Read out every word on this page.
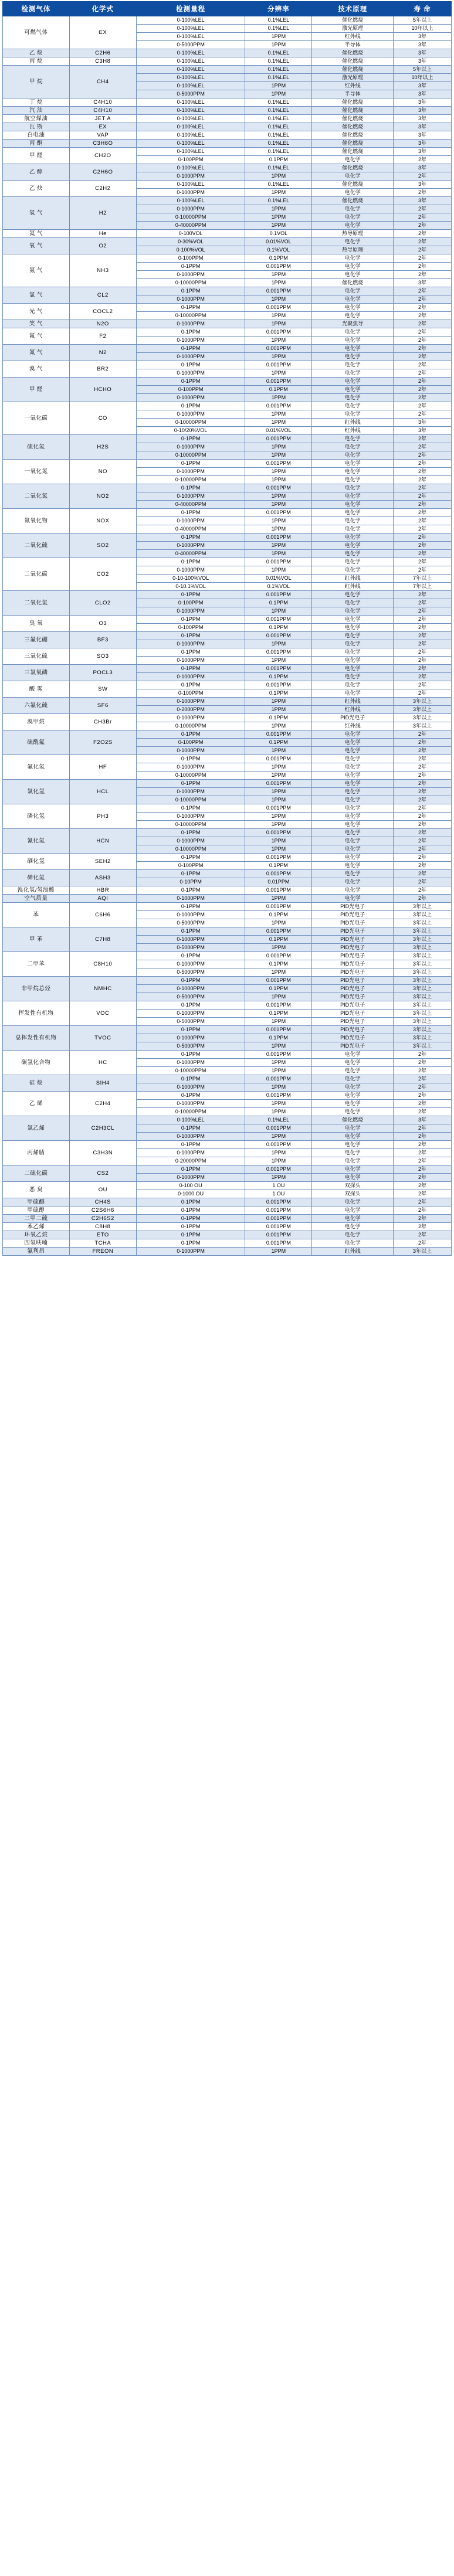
检测气体	化学式	检测量程	分辨率	技术原理	寿 命
可燃气体	EX	0-100%LEL	0.1%LEL	催化燃烧	5年以上
		0-100%LEL	0.1%LEL	激光原理	10年以上
		0-100%LEL	1PPM	红外线	3年
		0-5000PPM	1PPM	半导体	3年
乙 烷	C2H6	0-100%LEL	0.1%LEL	催化燃烧	3年
丙 烷	C3H8	0-100%LEL	0.1%LEL	催化燃烧	3年
甲 烷	CH4	0-100%LEL	0.1%LEL	催化燃烧	5年以上
		0-100%LEL	0.1%LEL	激光原理	10年以上
		0-100%LEL	1PPM	红外线	3年
		0-5000PPM	1PPM	半导体	3年
丁 烷	C4H10	0-100%LEL	0.1%LEL	催化燃烧	3年
汽 油	C4H10	0-100%LEL	0.1%LEL	催化燃烧	3年
航空煤油	JET A	0-100%LEL	0.1%LEL	催化燃烧	3年
瓦 斯	EX	0-100%LEL	0.1%LEL	催化燃烧	3年
白电油	VAP	0-100%LEL	0.1%LEL	催化燃烧	3年
丙 酮	C3H6O	0-100%LEL	0.1%LEL	催化燃烧	3年
甲 醛	CH2O	0-100%LEL	0.1%LEL	催化燃烧	3年
		0-100PPM	0.1PPM	电化学	2年
乙 醇	C2H6O	0-100%LEL	0.1%LEL	催化燃烧	3年
		0-1000PPM	1PPM	电化学	2年
乙 炔	C2H2	0-100%LEL	0.1%LEL	催化燃烧	3年
		0-1000PPM	1PPM	电化学	2年
氢 气	H2	0-100%LEL	0.1%LEL	催化燃烧	3年
		0-1000PPM	1PPM	电化学	2年
		0-10000PPM	1PPM	电化学	2年
		0-40000PPM	1PPM	电化学	2年
氦 气	He	0-100VOL	0.1VOL	热导原理	2年
氧 气	O2	0-30%VOL	0.01%VOL	电化学	2年
		0-100%VOL	0.1%VOL	热导原理	2年
氨 气	NH3	0-100PPM	0.1PPM	电化学	2年
		0-1PPM	0.001PPM	电化学	2年
		0-1000PPM	1PPM	电化学	2年
		0-10000PPM	1PPM	催化燃烧	3年
氯 气	CL2	0-1PPM	0.001PPM	电化学	2年
		0-1000PPM	1PPM	电化学	2年
光 气	COCL2	0-1PPM	0.001PPM	电化学	2年
		0-10000PPM	1PPM	电化学	2年
笑 气	N2O	0-1000PPM	1PPM	光聚焦导	2年
氟 气	F2	0-1PPM	0.001PPM	电化学	2年
		0-1000PPM	1PPM	电化学	2年
氮 气	N2	0-1PPM	0.001PPM	电化学	2年
		0-1000PPM	1PPM	电化学	2年
溴 气	BR2	0-1PPM	0.001PPM	电化学	2年
		0-1000PPM	1PPM	电化学	2年
甲 醛	HCHO	0-1PPM	0.001PPM	电化学	2年
		0-100PPM	0.1PPM	电化学	2年
		0-1000PPM	1PPM	电化学	2年
一氧化碳	CO	0-1PPM	0.001PPM	电化学	2年
		0-1000PPM	1PPM	电化学	2年
		0-10000PPM	1PPM	红外线	3年
		0-10/20%VOL	0.01%VOL	红外线	3年
硫化氢	H2S	0-1PPM	0.001PPM	电化学	2年
		0-1000PPM	1PPM	电化学	2年
		0-10000PPM	1PPM	电化学	2年
一氧化氮	NO	0-1PPM	0.001PPM	电化学	2年
		0-1000PPM	1PPM	电化学	2年
		0-10000PPM	1PPM	电化学	2年
二氧化氮	NO2	0-1PPM	0.001PPM	电化学	2年
		0-1000PPM	1PPM	电化学	2年
		0-40000PPM	1PPM	电化学	2年
氮氧化物	NOX	0-1PPM	0.001PPM	电化学	2年
		0-1000PPM	1PPM	电化学	2年
		0-40000PPM	1PPM	电化学	2年
二氧化硫	SO2	0-1PPM	0.001PPM	电化学	2年
		0-1000PPM	1PPM	电化学	2年
		0-40000PPM	1PPM	电化学	2年
二氧化碳	CO2	0-1PPM	0.001PPM	电化学	2年
		0-1000PPM	1PPM	电化学	2年
		0-10-100%VOL	0.01%VOL	红外线	7年以上
		0-10.1%VOL	0.1%VOL	红外线	7年以上
二氧化氯	CLO2	0-1PPM	0.001PPM	电化学	2年
		0-100PPM	0.1PPM	电化学	2年
		0-1000PPM	1PPM	电化学	2年
臭 氧	O3	0-1PPM	0.001PPM	电化学	2年
		0-100PPM	0.1PPM	电化学	2年
三氟化硼	BF3	0-1PPM	0.001PPM	电化学	2年
		0-1000PPM	1PPM	电化学	2年
三氧化硫	SO3	0-1PPM	0.001PPM	电化学	2年
		0-1000PPM	1PPM	电化学	2年
三氯氧磷	POCL3	0-1PPM	0.001PPM	电化学	2年
		0-1000PPM	0.1PPM	电化学	2年
酸 雾	SW	0-1PPM	0.001PPM	电化学	2年
		0-100PPM	0.1PPM	电化学	2年
六氟化硫	SF6	0-1000PPM	1PPM	红外线	3年以上
		0-2000PPM	1PPM	红外线	3年以上
溴甲烷	CH3Br	0-1000PPM	0.1PPM	PID光电子	3年以上
		0-10000PPM	1PPM	红外线	3年以上
硫酰氟	F2O2S	0-1PPM	0.001PPM	电化学	2年
		0-100PPM	0.1PPM	电化学	2年
		0-1000PPM	1PPM	电化学	2年
氟化氢	HF	0-1PPM	0.001PPM	电化学	2年
		0-1000PPM	1PPM	电化学	2年
		0-10000PPM	1PPM	电化学	2年
氯化氢	HCL	0-1PPM	0.001PPM	电化学	2年
		0-1000PPM	1PPM	电化学	2年
		0-10000PPM	1PPM	电化学	2年
磷化氢	PH3	0-1PPM	0.001PPM	电化学	2年
		0-1000PPM	1PPM	电化学	2年
		0-10000PPM	1PPM	电化学	2年
氰化氢	HCN	0-1PPM	0.001PPM	电化学	2年
		0-1000PPM	1PPM	电化学	2年
		0-10000PPM	1PPM	电化学	2年
硒化氢	SEH2	0-1PPM	0.001PPM	电化学	2年
		0-100PPM	0.1PPM	电化学	2年
砷化氢	ASH3	0-1PPM	0.001PPM	电化学	2年
		0-10PPM	0.01PPM	电化学	2年
溴化氢/氢溴酸	HBR	0-1PPM	0.001PPM	电化学	2年
空气质量	AQI	0-1000PPM	1PPM	电化学	2年
苯	C6H6	0-1PPM	0.001PPM	PID光电子	3年以上
		0-1000PPM	0.1PPM	PID光电子	3年以上
		0-5000PPM	1PPM	PID光电子	3年以上
甲 苯	C7H8	0-1PPM	0.001PPM	PID光电子	3年以上
		0-1000PPM	0.1PPM	PID光电子	3年以上
		0-5000PPM	1PPM	PID光电子	3年以上
二甲苯	C8H10	0-1PPM	0.001PPM	PID光电子	3年以上
		0-1000PPM	0.1PPM	PID光电子	3年以上
		0-5000PPM	1PPM	PID光电子	3年以上
非甲烷总烃	NMHC	0-1PPM	0.001PPM	PID光电子	3年以上
		0-1000PPM	0.1PPM	PID光电子	3年以上
		0-5000PPM	1PPM	PID光电子	3年以上
挥发性有机物	VOC	0-1PPM	0.001PPM	PID光电子	3年以上
		0-1000PPM	0.1PPM	PID光电子	3年以上
		0-5000PPM	1PPM	PID光电子	3年以上
总挥发性有机物	TVOC	0-1PPM	0.001PPM	PID光电子	3年以上
		0-1000PPM	0.1PPM	PID光电子	3年以上
		0-5000PPM	1PPM	PID光电子	3年以上
碳氢化合物	HC	0-1PPM	0.001PPM	电化学	2年
		0-1000PPM	1PPM	电化学	2年
		0-10000PPM	1PPM	电化学	2年
硅 烷	SIH4	0-1PPM	0.001PPM	电化学	2年
		0-1000PPM	1PPM	电化学	2年
乙 烯	C2H4	0-1PPM	0.001PPM	电化学	2年
		0-1000PPM	1PPM	电化学	2年
		0-10000PPM	1PPM	电化学	2年
氯乙烯	C2H3CL	0-100%LEL	0.1%LEL	催化燃烧	3年
		0-1PPM	0.001PPM	电化学	2年
		0-1000PPM	1PPM	电化学	2年
丙烯腈	C3H3N	0-1PPM	0.001PPM	电化学	2年
		0-1000PPM	1PPM	电化学	2年
		0-20000PPM	1PPM	电化学	2年
二硫化碳	CS2	0-1PPM	0.001PPM	电化学	2年
		0-1000PPM	1PPM	电化学	2年
恶 臭	OU	0-100 OU	1 OU	双探头	2年
		0-1000 OU	1 OU	双探头	2年
甲硫醚	CH4S	0-1PPM	0.001PPM	电化学	2年
甲硫醇	C2S6H6	0-1PPM	0.001PPM	电化学	2年
二甲二硫	C2H6S2	0-1PPM	0.001PPM	电化学	2年
苯乙烯	C8H8	0-1PPM	0.001PPM	电化学	2年
环氧乙烷	ETO	0-1PPM	0.001PPM	电化学	2年
四氢呋喃	TCHA	0-1PPM	0.001PPM	电化学	2年
氟利昂	FREON	0-1000PPM	1PPM	红外线	3年以上
